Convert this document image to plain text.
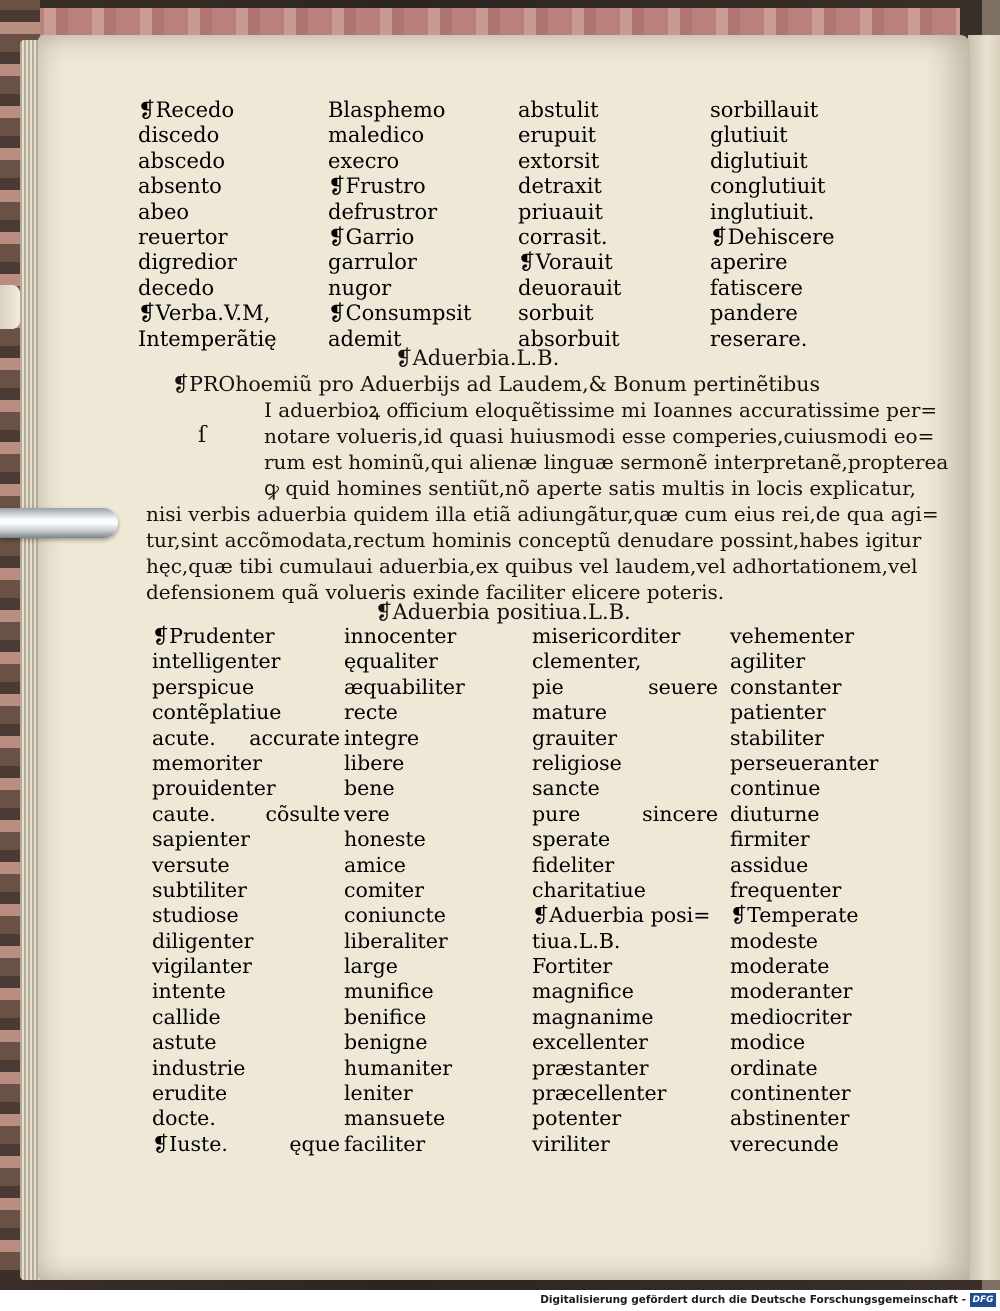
❡Recedo
discedo
abscedo
absento
abeo
reuertor
digredior
decedo
❡Verba.V.M,
Intemperãtię
Blasphemo
maledico
execro
❡Frustro
defrustror
❡Garrio
garrulor
nugor
❡Consumpsit
ademit
abstulit
erupuit
extorsit
detraxit
priuauit
corrasit.
❡Vorauit
deuorauit
sorbuit
absorbuit
sorbillauit
glutiuit
diglutiuit
conglutiuit
inglutiuit.
❡Dehiscere
aperire
fatiscere
pandere
reserare.
❡Aduerbia.L.B.
❡PROhoemiũ pro Aduerbijs ad Laudem,& Bonum pertinẽtibus
ſ
I aduerbioꝝ officium eloquẽtissime mi Ioannes accuratissime per=
notare volueris,id quasi huiusmodi esse comperies,cuiusmodi eo=
rum est hominũ,qui alienæ linguæ sermonẽ interpretanẽ,propterea
ꝙ quid homines sentiũt,nõ aperte satis multis in locis explicatur,
nisi verbis aduerbia quidem illa etiã adiungãtur,quæ cum eius rei,de qua agi=
tur,sint accõmodata,rectum hominis conceptũ denudare possint,habes igitur
hęc,quæ tibi cumulaui aduerbia,ex quibus vel laudem,vel adhortationem,vel
defensionem quã volueris exinde faciliter elicere poteris.
❡Aduerbia positiua.L.B.
❡Prudenter
intelligenter
perspicue
contẽplatiue
acute.
memoriter
prouidenter
caute.
sapienter
versute
subtiliter
studiose
diligenter
vigilanter
intente
callide
astute
industrie
erudite
docte.
❡Iuste.
accurate
cõsulte
ęque
innocenter
ęqualiter
æquabiliter
recte
integre
libere
bene
vere
honeste
amice
comiter
coniuncte
liberaliter
large
munifice
benifice
benigne
humaniter
leniter
mansuete
faciliter
misericorditer
clementer,
pie
mature
grauiter
religiose
sancte
pure
sperate
fideliter
charitatiue
❡Aduerbia posi=
tiua.L.B.
Fortiter
magnifice
magnanime
excellenter
præstanter
præcellenter
potenter
viriliter
seuere
sincere
vehementer
agiliter
constanter
patienter
stabiliter
perseueranter
continue
diuturne
firmiter
assidue
frequenter
❡Temperate
modeste
moderate
moderanter
mediocriter
modice
ordinate
continenter
abstinenter
verecunde
Digitalisierung gefördert durch die Deutsche Forschungsgemeinschaft - DFG
